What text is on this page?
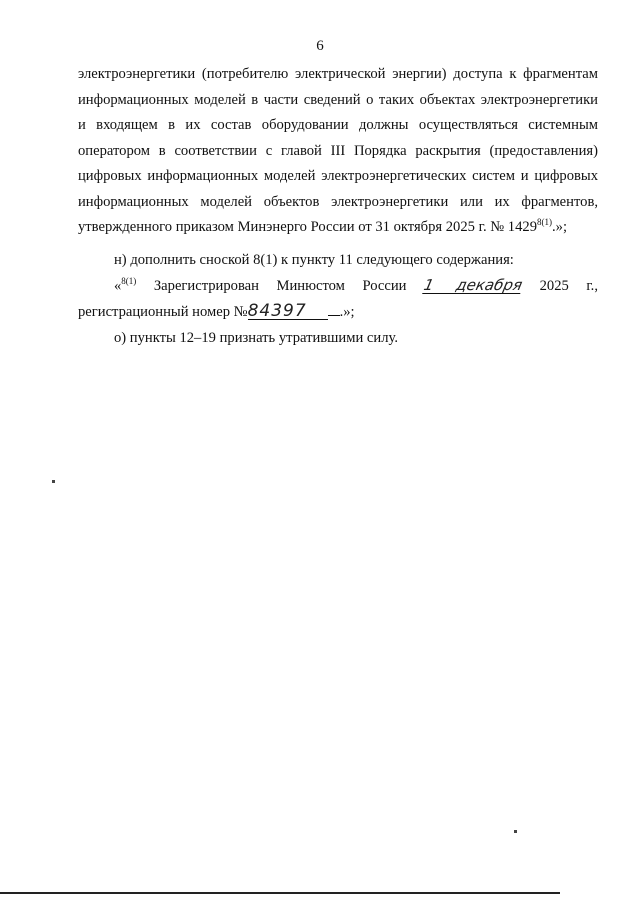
6
электроэнергетики (потребителю электрической энергии) доступа к фрагментам
информационных моделей в части сведений о таких объектах электроэнергетики
и входящем в их состав оборудовании должны осуществляться системным
оператором в соответствии с главой III Порядка раскрытия (предоставления)
цифровых информационных моделей электроэнергетических систем и цифровых
информационных моделей объектов электроэнергетики или их фрагментов,
утвержденного приказом Минэнерго России от 31 октября 2025 г. № $1429^{8(1)}$.»;
н) дополнить сноской 8(1) к пункту 11 следующего содержания:
«$^{8(1)}$ Зарегистрирован Минюстом России 1 декабря 2025 г.,
регистрационный номер №84397 .»;
о) пункты 12–19 признать утратившими силу.
